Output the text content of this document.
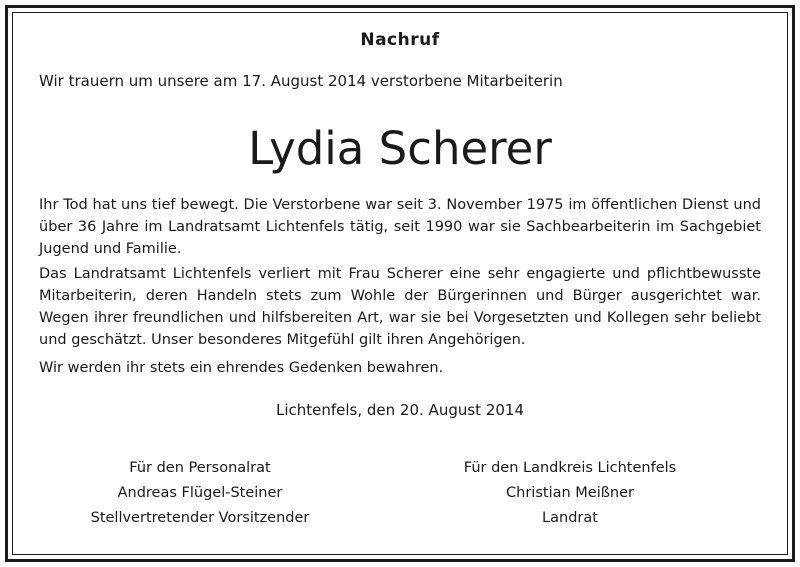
Nachruf
Wir trauern um unsere am 17. August 2014 verstorbene Mitarbeiterin
Lydia Scherer
Ihr Tod hat uns tief bewegt. Die Verstorbene war seit 3. November 1975 im öffentlichen Dienst und über 36 Jahre im Landratsamt Lichtenfels tätig, seit 1990 war sie Sachbearbeiterin im Sachgebiet Jugend und Familie.
Das Landratsamt Lichtenfels verliert mit Frau Scherer eine sehr engagierte und pflichtbewusste Mitarbeiterin, deren Handeln stets zum Wohle der Bürgerinnen und Bürger ausgerichtet war. Wegen ihrer freundlichen und hilfsbereiten Art, war sie bei Vorgesetzten und Kollegen sehr beliebt und geschätzt. Unser besonderes Mitgefühl gilt ihren Angehörigen.
Wir werden ihr stets ein ehrendes Gedenken bewahren.
Lichtenfels, den 20. August 2014
Für den Personalrat
Andreas Flügel-Steiner
Stellvertretender Vorsitzender
Für den Landkreis Lichtenfels
Christian Meißner
Landrat
